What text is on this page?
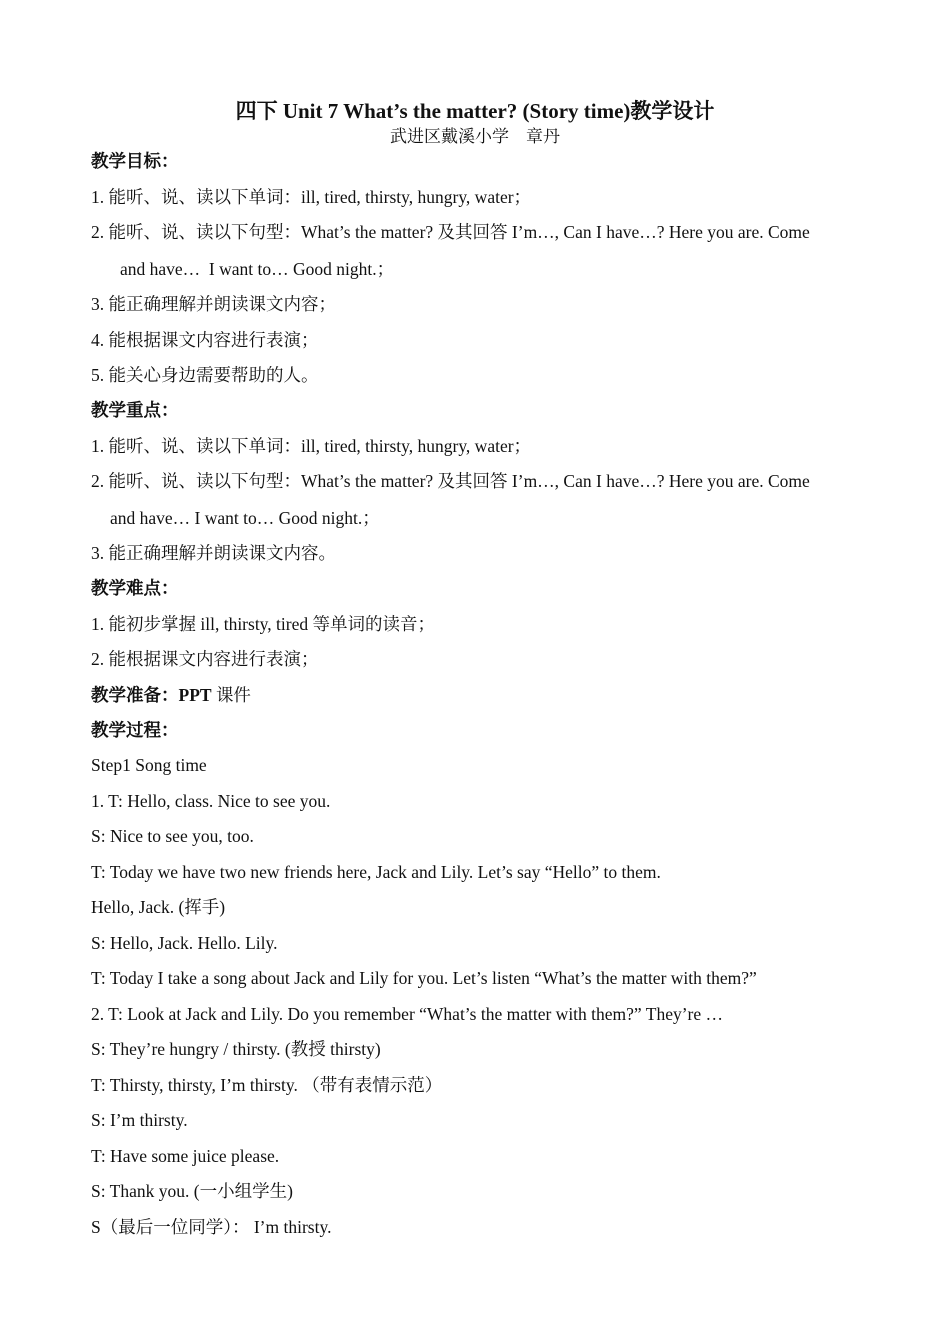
四下 Unit 7 What’s the matter? (Story time)教学设计
武进区戴溪小学    章丹
教学目标：
1. 能听、说、读以下单词：ill, tired, thirsty, hungry, water；
2. 能听、说、读以下句型：What’s the matter? 及其回答 I’m…, Can I have…? Here you are. Come
and have…  I want to… Good night.；
3. 能正确理解并朗读课文内容；
4. 能根据课文内容进行表演；
5. 能关心身边需要帮助的人。
教学重点：
1. 能听、说、读以下单词：ill, tired, thirsty, hungry, water；
2. 能听、说、读以下句型：What’s the matter? 及其回答 I’m…, Can I have…? Here you are. Come
and have… I want to… Good night.；
3. 能正确理解并朗读课文内容。
教学难点：
1. 能初步掌握 ill, thirsty, tired 等单词的读音；
2. 能根据课文内容进行表演；
教学准备：PPT 课件
教学过程：
Step1 Song time
1. T: Hello, class. Nice to see you.
S: Nice to see you, too.
T: Today we have two new friends here, Jack and Lily. Let’s say “Hello” to them.
Hello, Jack. (挥手)
S: Hello, Jack. Hello. Lily.
T: Today I take a song about Jack and Lily for you. Let’s listen “What’s the matter with them?”
2. T: Look at Jack and Lily. Do you remember “What’s the matter with them?” They’re …
S: They’re hungry / thirsty. (教授 thirsty)
T: Thirsty, thirsty, I’m thirsty. （带有表情示范）
S: I’m thirsty.
T: Have some juice please.
S: Thank you. (一小组学生)
S（最后一位同学）： I’m thirsty.
